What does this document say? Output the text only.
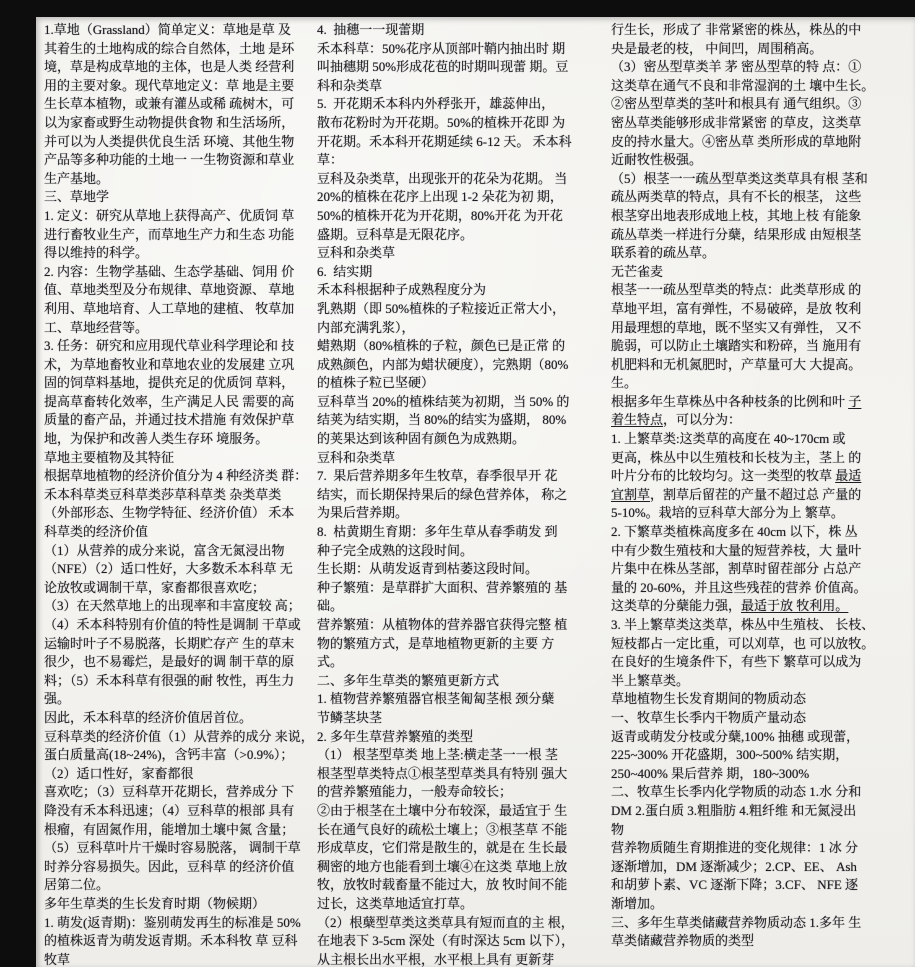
1.草地（Grassland）简单定义：草地是草 及
其着生的土地构成的综合自然体，土地 是环
境，草是构成草地的主体，也是人类 经营利
用的主要对象。现代草地定义：草 地是主要
生长草本植物，或兼有灌丛或稀 疏树木，可
以为家畜或野生动物提供食物 和生活场所，
并可以为人类提供优良生活 环境、其他生物
产品等多种功能的土地一 一生物资源和草业
生产基地。
三、草地学
1. 定义：研究从草地上获得高产、优质饲 草
进行畜牧业生产，而草地生产力和生态 功能
得以维持的科学。
2. 内容：生物学基础、生态学基础、饲用 价
值、草地类型及分布规律、草地资源、 草地
利用、草地培育、人工草地的建植、 牧草加
工、草地经营等。
3. 任务：研究和应用现代草业科学理论和 技
术，为草地畜牧业和草地农业的发展建 立巩
固的饲草料基地，提供充足的优质饲 草料，
提高草畜转化效率，生产满足人民 需要的高
质量的畜产品，并通过技术措施 有效保护草
地，为保护和改善人类生存环 境服务。
草地主要植物及其特征
根据草地植物的经济价值分为 4 种经济类 群：
禾本科草类豆科草类莎草科草类 杂类草类
（外部形态、生物学特征、经济价值） 禾本
科草类的经济价值
（1）从营养的成分来说，富含无氮浸出物
（NFE）（2）适口性好，大多数禾本科草 无
论放牧或调制干草，家畜都很喜欢吃；
（3）在天然草地上的出现率和丰富度较 高；
（4）禾本科特别有价值的特性是调制 干草或
运输时叶子不易脱落，长期贮存产 生的草末
很少，也不易霉烂，是最好的调 制干草的原
料；（5）禾本科草有很强的耐 牧性，再生力
强。
因此，禾本科草的经济价值居首位。
豆科草类的经济价值（1）从营养的成分 来说，
蛋白质量高(18~24%)，含钙丰富（>0.9%）；
（2）适口性好，家畜都很
喜欢吃；（3）豆科草开花期长，营养成分 下
降没有禾本科迅速；（4）豆科草的根部 具有
根瘤，有固氮作用，能增加土壤中氮 含量；
（5）豆科草叶片干燥时容易脱落， 调制干草
时养分容易损失。因此，豆科草 的经济价值
居第二位。
多年生草类的生长发育时期（物候期）
1. 萌发(返青期)：鉴别萌发再生的标准是 50%
的植株返青为萌发返青期。禾本科牧 草 豆科
牧草
4.  抽穗一一现蕾期
禾本科草：50%花序从顶部叶鞘内抽出时 期
叫抽穗期 50%形成花苞的时期叫现蕾 期。豆
科和杂类草
5.  开花期禾本科内外稃张开，雄蕊伸出，
散布花粉时为开花期。50%的植株开花即 为
开花期。禾本科开花期延续 6-12 天。 禾本科
草：
豆科及杂类草，出现张开的花朵为花期。 当
20%的植株在花序上出现 1-2 朵花为初 期，
50%的植株开花为开花期，80%开花 为开花
盛期。豆科草是无限花序。
豆科和杂类草
6.  结实期
禾本科根据种子成熟程度分为
乳熟期（即 50%植株的子粒接近正常大小，
内部充满乳浆），
蜡熟期（80%植株的子粒，颜色已是正常 的
成熟颜色，内部为蜡状硬度），完熟期（80%
的植株子粒已坚硬）
豆科草当 20%的植株结荚为初期，当 50% 的
结荚为结实期，当 80%的结实为盛期， 80%
的荚果达到该种固有颜色为成熟期。
豆科和杂类草
7.  果后营养期多年生牧草，春季很早开 花
结实，而长期保持果后的绿色营养体， 称之
为果后营养期。
8.  枯黄期生育期：多年生草从春季萌发 到
种子完全成熟的这段时间。
生长期：从萌发返青到枯萎这段时间。
种子繁殖：是草群扩大面积、营养繁殖的 基
础。
营养繁殖：从植物体的营养器官获得完整 植
物的繁殖方式，是草地植物更新的主要 方
式。
二、多年生草类的繁殖更新方式
1. 植物营养繁殖器官根茎匍匐茎根 颈分蘖
节鳞茎块茎
2. 多年生草营养繁殖的类型
（1） 根茎型草类 地上茎:横走茎一一根 茎
根茎型草类特点①根茎型草类具有特别 强大
的营养繁殖能力，一般寿命较长；
②由于根茎在土壤中分布较深，最适宜于 生
长在通气良好的疏松土壤上；③根茎草 不能
形成草皮，它们常是散生的，就是在 生长最
稠密的地方也能看到土壤④在这类 草地上放
牧，放牧时载畜量不能过大，放 牧时间不能
过长，这类草地适宜打草。
（2）根蘖型草类这类草具有短而直的主 根，
在地表下 3-5cm 深处（有时深达 5cm 以下），
从主根长出水平根，水平根上具有 更新芽
行生长，形成了 非常紧密的株丛，株丛的中
央是最老的枝， 中间凹，周围稍高。
（3）密丛型草类羊 茅 密丛型草的特 点：①
这类草在通气不良和非常湿润的土 壤中生长。
②密丛型草类的茎叶和根具有 通气组织。③
密丛草类能够形成非常紧密 的草皮，这类草
皮的持水量大。④密丛草 类所形成的草地附
近耐牧性极强。
（5）根茎一一疏丛型草类这类草具有根 茎和
疏丛两类草的特点，具有不长的根茎， 这些
根茎穿出地表形成地上枝，其地上枝 有能象
疏丛草类一样进行分蘖，结果形成 由短根茎
联系着的疏丛草。
无芒雀麦
根茎一一疏丛型草类的特点：此类草形成 的
草地平坦，富有弹性，不易破碎，是放 牧利
用最理想的草地，既不坚实又有弹性， 又不
脆弱，可以防止土壤踏实和粉碎，当 施用有
机肥料和无机氮肥时，产草量可大 大提高。
生。
根据多年生草株丛中各种枝条的比例和叶 子
着生特点，可以分为：
1. 上繁草类:这类草的高度在 40~170cm 或
更高，株丛中以生殖枝和长枝为主，茎上 的
叶片分布的比较均匀。这一类型的牧草 最适
宜割草，割草后留茬的产量不超过总 产量的
5-10%。栽培的豆科草大部分为上 繁草。
2. 下繁草类植株高度多在 40cm 以下，株 丛
中有少数生殖枝和大量的短营养枝，大 量叶
片集中在株丛茎部，割草时留茬部分 占总产
量的 20-60%，并且这些残茬的营养 价值高。
这类草的分蘖能力强，最适于放 牧利用。
3. 半上繁草类这类草，株丛中生殖枝、 长枝、
短枝都占一定比重，可以刈草，也 可以放牧。
在良好的生境条件下，有些下 繁草可以成为
半上繁草类。
草地植物生长发育期间的物质动态
一、牧草生长季内干物质产量动态
返青或萌发分枝或分蘖,100% 抽穗 或现蕾，
225~300% 开花盛期，300~500% 结实期，
250~400% 果后营养 期，180~300%
二、牧草生长季内化学物质的动态 1.水 分和
DM 2.蛋白质 3.粗脂肪 4.粗纤维 和无氮浸出
物
营养物质随生育期推进的变化规律：1 冰 分
逐渐增加，DM 逐渐减少；2.CP、EE、 Ash
和胡萝卜素、VC 逐渐下降；3.CF、 NFE 逐
渐增加。
三、多年生草类储藏营养物质动态 1.多年 生
草类储藏营养物质的类型
